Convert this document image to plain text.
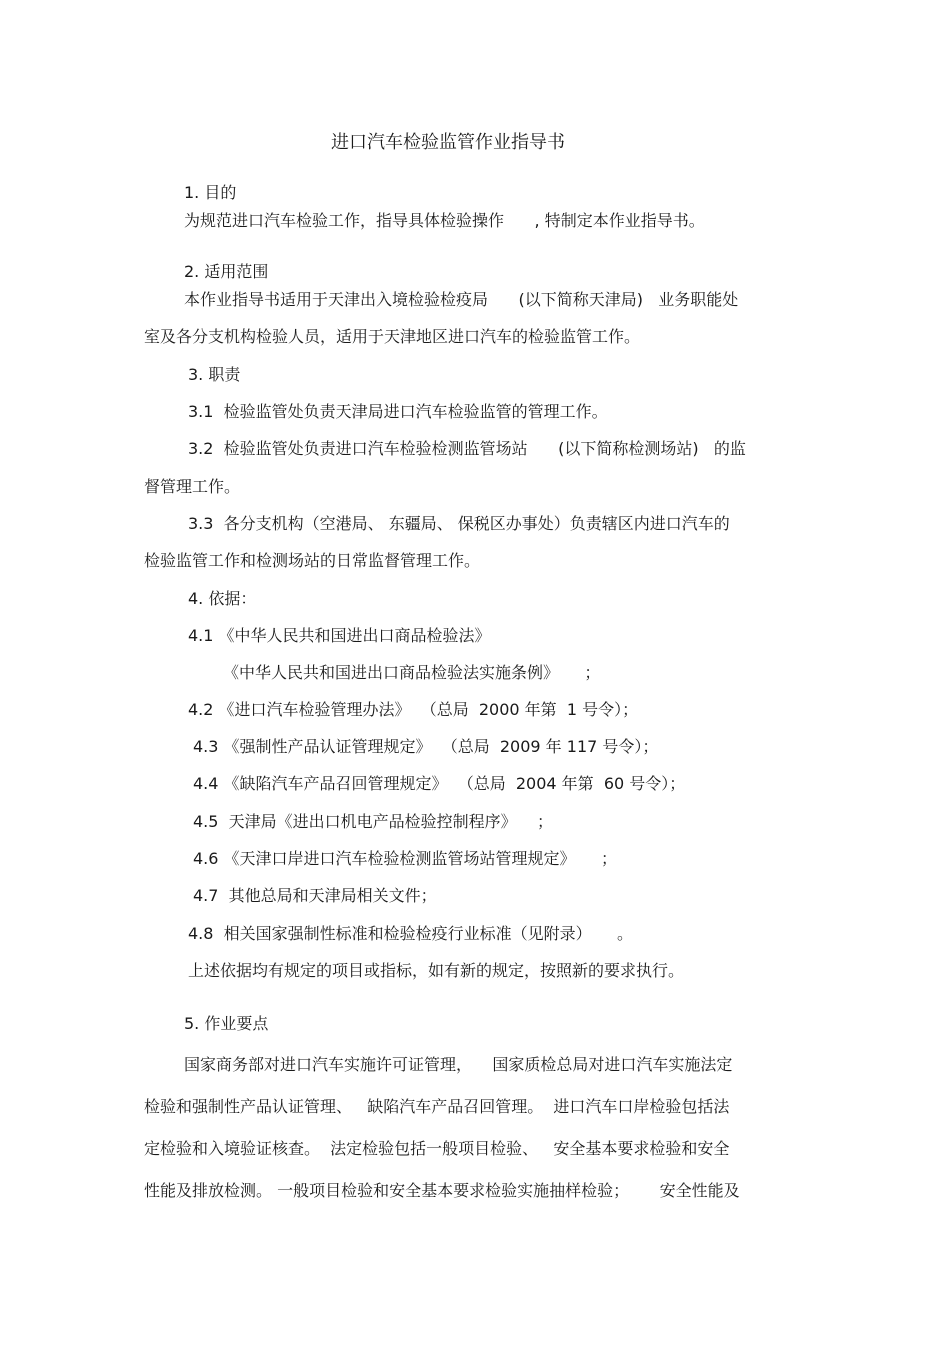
进口汽车检验监管作业指导书
1. 目的
为规范进口汽车检验工作，指导具体检验操作      , 特制定本作业指导书。
2. 适用范围
本作业指导书适用于天津出入境检验检疫局      (以下简称天津局)   业务职能处
室及各分支机构检验人员，适用于天津地区进口汽车的检验监管工作。
3. 职责
3.1  检验监管处负责天津局进口汽车检验监管的管理工作。
3.2  检验监管处负责进口汽车检验检测监管场站      (以下简称检测场站)   的监
督管理工作。
3.3  各分支机构（空港局、 东疆局、 保税区办事处）负责辖区内进口汽车的
检验监管工作和检测场站的日常监督管理工作。
4. 依据：
4.1 《中华人民共和国进出口商品检验法》
《中华人民共和国进出口商品检验法实施条例》     ；
4.2 《进口汽车检验管理办法》  （总局  2000 年第  1 号令）；
4.3 《强制性产品认证管理规定》  （总局  2009 年 117 号令）；
4.4 《缺陷汽车产品召回管理规定》  （总局  2004 年第  60 号令）；
4.5  天津局《进出口机电产品检验控制程序》    ；
4.6 《天津口岸进口汽车检验检测监管场站管理规定》     ；
4.7  其他总局和天津局相关文件；
4.8  相关国家强制性标准和检验检疫行业标准（见附录）     。
上述依据均有规定的项目或指标，如有新的规定，按照新的要求执行。
5. 作业要点
国家商务部对进口汽车实施许可证管理，    国家质检总局对进口汽车实施法定
检验和强制性产品认证管理、   缺陷汽车产品召回管理。  进口汽车口岸检验包括法
定检验和入境验证核查。  法定检验包括一般项目检验、   安全基本要求检验和安全
性能及排放检测。 一般项目检验和安全基本要求检验实施抽样检验；      安全性能及
